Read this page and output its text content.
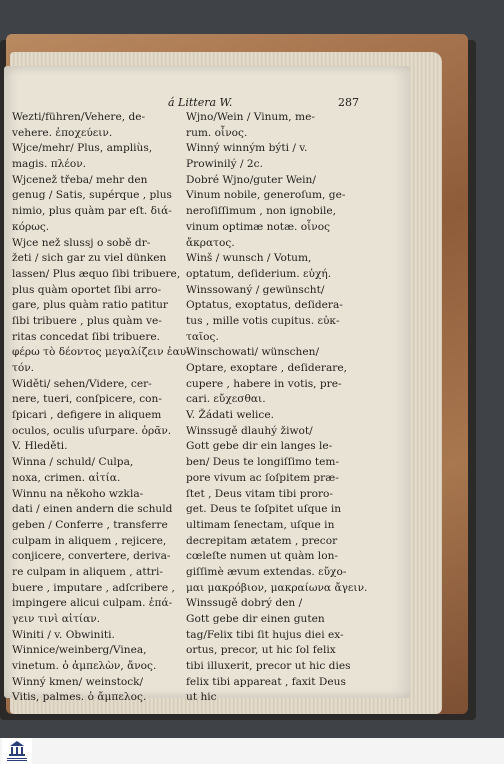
á Littera W.	287
Wezti/führen/Vehere, de-
vehere. ἐποχεύειν.
Wjce/mehr/ Plus, ampliùs,
magis. πλέον.
Wjcenež třeba/ mehr den
genug / Satis, supérque , plus
nimio, plus quàm par eſt. διά-
κόρως.
Wjce než slussj o sobě dr-
žeti / sich gar zu viel dünken
lassen/ Plus æquo ſibi tribuere,
plus quàm oportet ſibi arro-
gare, plus quàm ratio patitur
ſibi tribuere , plus quàm ve-
ritas concedat ſibi tribuere.
φέρω τὸ δέοντος μεγαλίζειν ἐαυ-
τόν.
Widěti/ sehen/Videre, cer-
nere, tueri, conſpicere, con-
ſpicari , defigere in aliquem
oculos, oculis uſurpare. ὁρᾶν.
V. Hleděti.
Winna / schuld/ Culpa,
noxa, crimen. αἰτία.
Winnu na někoho wzkla-
dati / einen andern die schuld
geben / Conferre , transferre
culpam in aliquem , rejicere,
conjicere, convertere, deriva-
re culpam in aliquem , attri-
buere , imputare , adſcribere ,
impingere alicui culpam. ἐπά-
γειν τινὶ αἰτίαν.
Winiti / v. Obwiniti.
Winnice/weinberg/Vinea,
vinetum. ὁ ἀμπελὼν, ἄνος.
Winný kmen/ weinstock/
Vitis, palmes. ὁ ἄμπελος.
Wjno/Wein / Vinum, me-
rum. οἶνος.
Winný winným býti / v.
Prowinilý / 2c.
Dobré Wjno/guter Wein/
Vinum nobile, generoſum, ge-
neroſiſſimum , non ignobile,
vinum optimæ notæ. οἶνος
ἄκρατος.
Winš / wunsch / Votum,
optatum, deſiderium. εὐχή.
Winssowaný / gewünscht/
Optatus, exoptatus, deſidera-
tus , mille votis cupitus. εὐκ-
ταῖος.
Winschowati/ wünschen/
Optare, exoptare , deſiderare,
cupere , habere in votis, pre-
cari. εὔχεσθαι.
V. Žádati welice.
Winssugě dlauhý žiwot/
Gott gebe dir ein langes le-
ben/ Deus te longiſſimo tem-
pore vivum ac ſoſpitem præ-
ſtet , Deus vitam tibi proro-
get. Deus te ſoſpitet uſque in
ultimam ſenectam, uſque in
decrepitam ætatem , precor
cœleſte numen ut quàm lon-
giſſimè ævum extendas. εὔχο-
μαι μακρόβιον, μακραίωνα ἄγειν.
Winssugě dobrý den /
Gott gebe dir einen guten
tag/Felix tibi ſit hujus diei ex-
ortus, precor, ut hic ſol felix
tibi illuxerit, precor ut hic dies
felix tibi appareat , faxit Deus
ut hic
